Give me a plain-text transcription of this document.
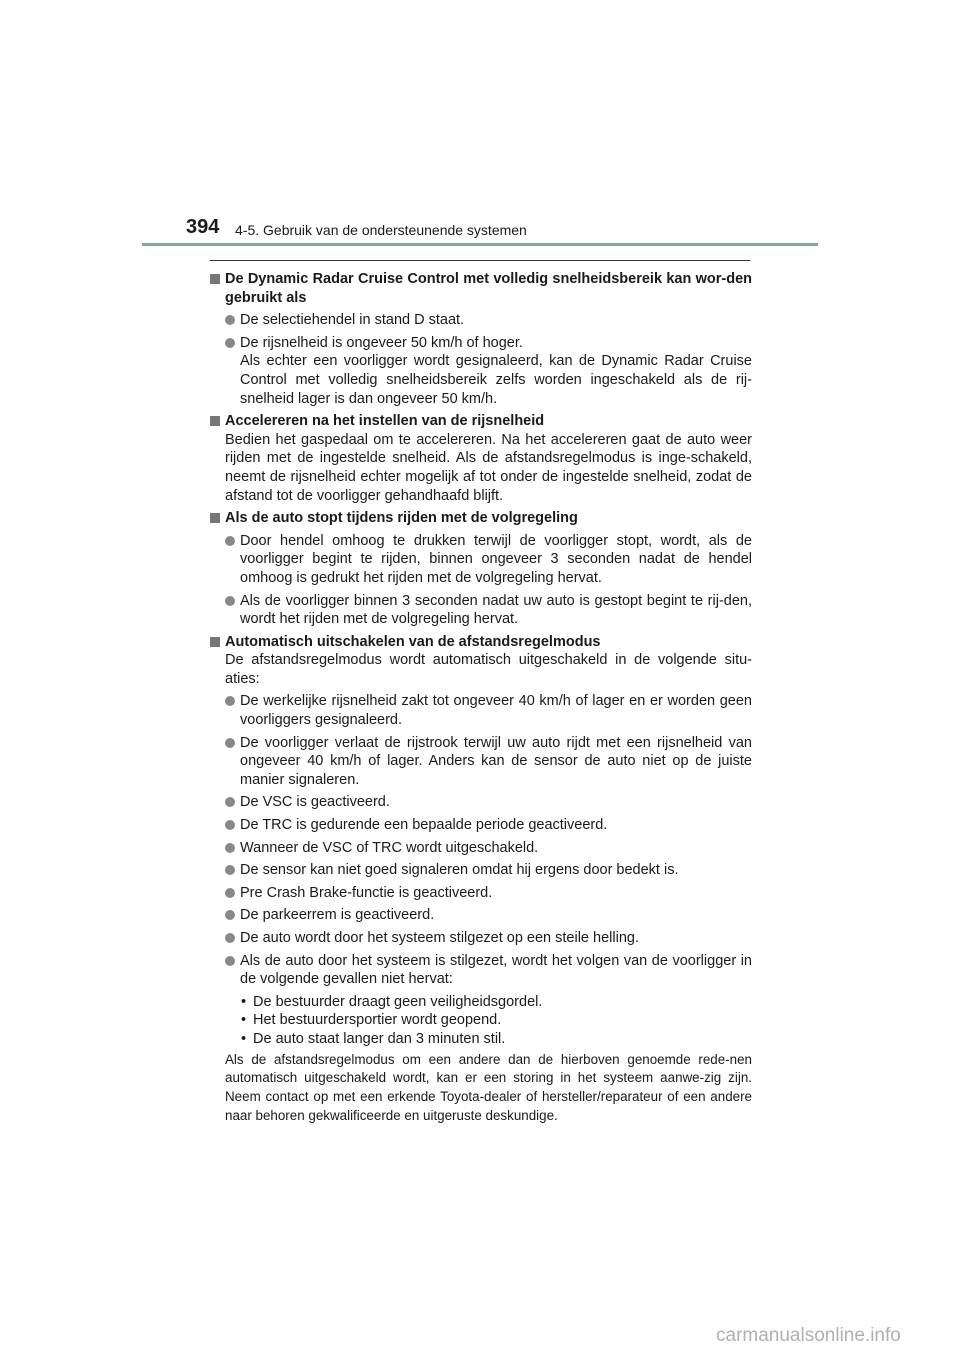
394 4-5. Gebruik van de ondersteunende systemen
De Dynamic Radar Cruise Control met volledig snelheidsbereik kan wor-den gebruikt als
De selectiehendel in stand D staat.
De rijsnelheid is ongeveer 50 km/h of hoger.
Als echter een voorligger wordt gesignaleerd, kan de Dynamic Radar Cruise Control met volledig snelheidsbereik zelfs worden ingeschakeld als de rij-snelheid lager is dan ongeveer 50 km/h.
Accelereren na het instellen van de rijsnelheid
Bedien het gaspedaal om te accelereren. Na het accelereren gaat de auto weer rijden met de ingestelde snelheid. Als de afstandsregelmodus is inge-schakeld, neemt de rijsnelheid echter mogelijk af tot onder de ingestelde snelheid, zodat de afstand tot de voorligger gehandhaafd blijft.
Als de auto stopt tijdens rijden met de volgregeling
Door hendel omhoog te drukken terwijl de voorligger stopt, wordt, als de voorligger begint te rijden, binnen ongeveer 3 seconden nadat de hendel omhoog is gedrukt het rijden met de volgregeling hervat.
Als de voorligger binnen 3 seconden nadat uw auto is gestopt begint te rij-den, wordt het rijden met de volgregeling hervat.
Automatisch uitschakelen van de afstandsregelmodus
De afstandsregelmodus wordt automatisch uitgeschakeld in de volgende situ-aties:
De werkelijke rijsnelheid zakt tot ongeveer 40 km/h of lager en er worden geen voorliggers gesignaleerd.
De voorligger verlaat de rijstrook terwijl uw auto rijdt met een rijsnelheid van ongeveer 40 km/h of lager. Anders kan de sensor de auto niet op de juiste manier signaleren.
De VSC is geactiveerd.
De TRC is gedurende een bepaalde periode geactiveerd.
Wanneer de VSC of TRC wordt uitgeschakeld.
De sensor kan niet goed signaleren omdat hij ergens door bedekt is.
Pre Crash Brake-functie is geactiveerd.
De parkeerrem is geactiveerd.
De auto wordt door het systeem stilgezet op een steile helling.
Als de auto door het systeem is stilgezet, wordt het volgen van de voorligger in de volgende gevallen niet hervat:
• De bestuurder draagt geen veiligheidsgordel.
• Het bestuurdersportier wordt geopend.
• De auto staat langer dan 3 minuten stil.
Als de afstandsregelmodus om een andere dan de hierboven genoemde rede-nen automatisch uitgeschakeld wordt, kan er een storing in het systeem aanwe-zig zijn. Neem contact op met een erkende Toyota-dealer of hersteller/reparateur of een andere naar behoren gekwalificeerde en uitgeruste deskundige.
carmanualsonline.info
